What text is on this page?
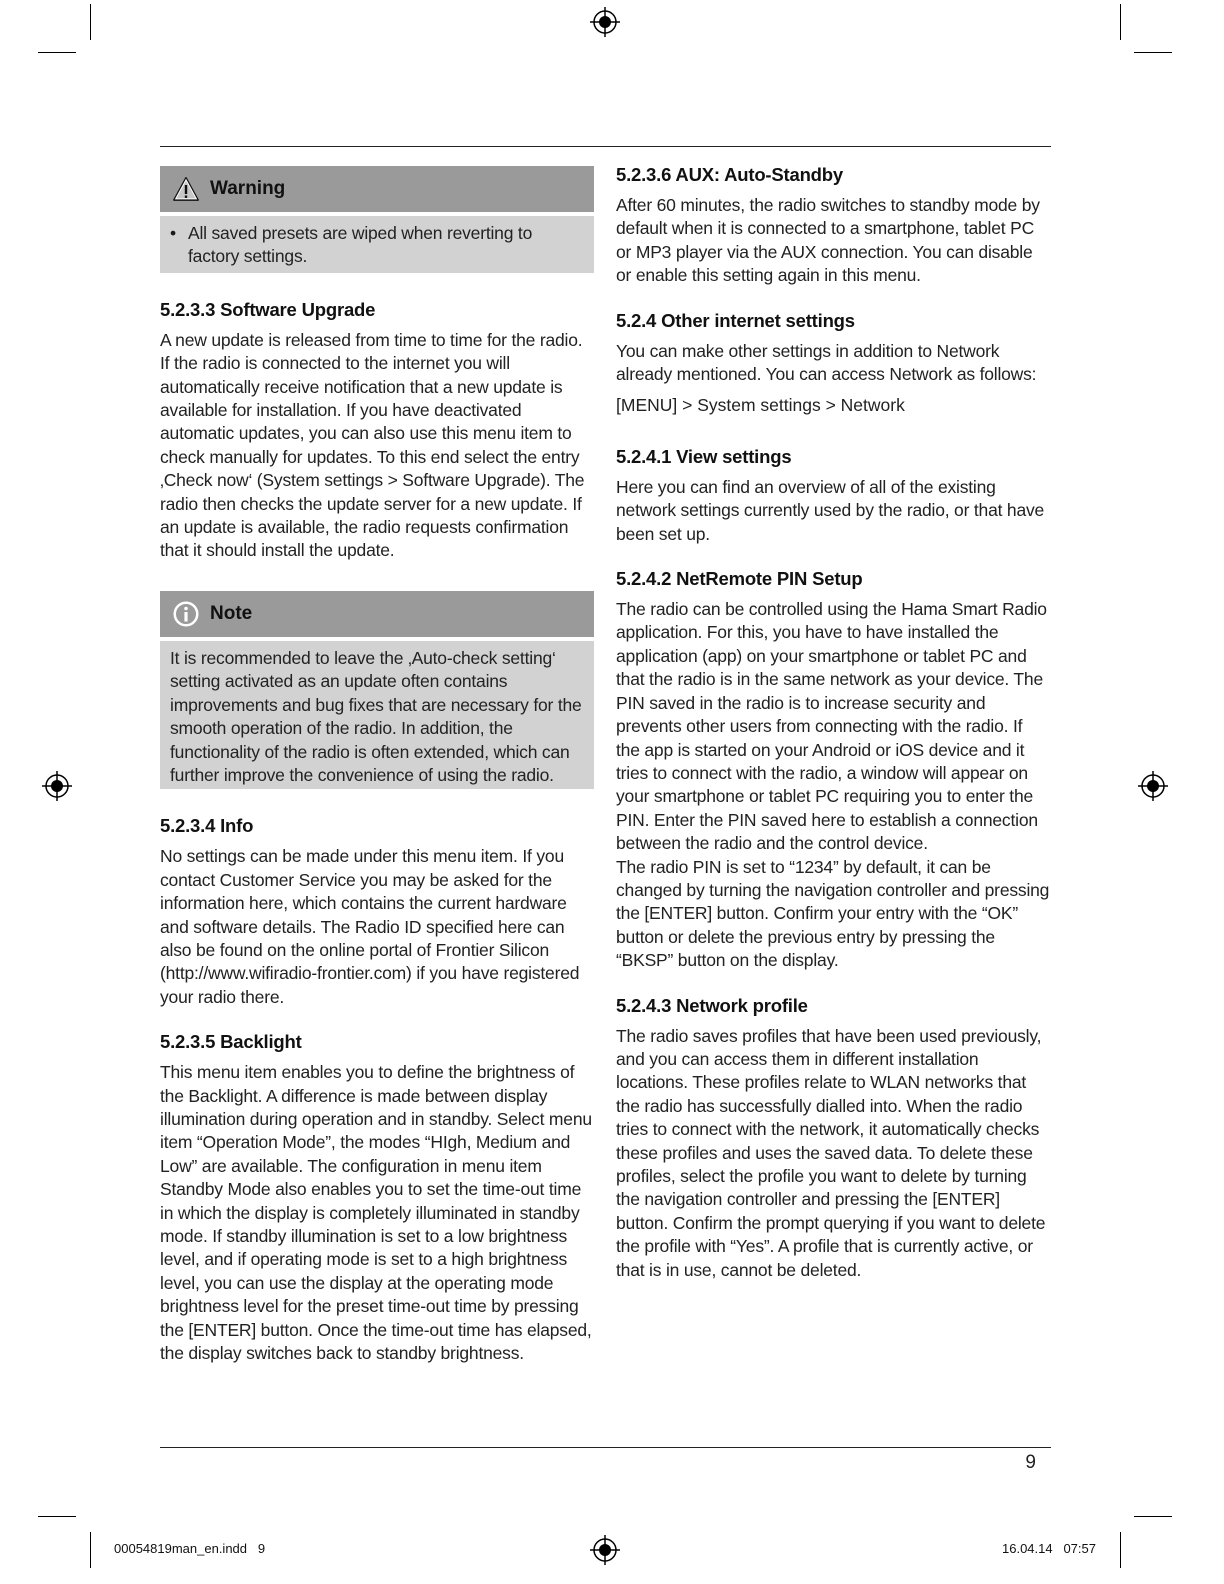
Warning
• All saved presets are wiped when reverting to factory settings.

5.2.3.3 Software Upgrade

A new update is released from time to time for the radio. If the radio is connected to the internet you will automatically receive notification that a new update is available for installation. If you have deactivated automatic updates, you can also use this menu item to check manually for updates. To this end select the entry ‚Check now‘ (System settings > Software Upgrade). The radio then checks the update server for a new update. If an update is available, the radio requests confirmation that it should install the update.

Note

It is recommended to leave the ‚Auto-check setting‘ setting activated as an update often contains improvements and bug fixes that are necessary for the smooth operation of the radio. In addition, the functionality of the radio is often extended, which can further improve the convenience of using the radio.

5.2.3.4 Info

No settings can be made under this menu item. If you contact Customer Service you may be asked for the information here, which contains the current hardware and software details. The Radio ID specified here can also be found on the online portal of Frontier Silicon (http://www.wifiradio-frontier.com) if you have registered your radio there.

5.2.3.5 Backlight

This menu item enables you to define the brightness of the Backlight. A difference is made between display illumination during operation and in standby. Select menu item “Operation Mode”, the modes “HIgh, Medium and Low” are available. The configuration in menu item Standby Mode also enables you to set the time-out time in which the display is completely illuminated in standby mode. If standby illumination is set to a low brightness level, and if operating mode is set to a high brightness level, you can use the display at the operating mode brightness level for the preset time-out time by pressing the [ENTER] button. Once the time-out time has elapsed, the display switches back to standby brightness.

5.2.3.6 AUX: Auto-Standby

After 60 minutes, the radio switches to standby mode by default when it is connected to a smartphone, tablet PC or MP3 player via the AUX connection. You can disable or enable this setting again in this menu.

5.2.4 Other internet settings

You can make other settings in addition to Network already mentioned. You can access Network as follows:

[MENU] > System settings > Network

5.2.4.1 View settings

Here you can find an overview of all of the existing network settings currently used by the radio, or that have been set up.

5.2.4.2 NetRemote PIN Setup

The radio can be controlled using the Hama Smart Radio application. For this, you have to have installed the application (app) on your smartphone or tablet PC and that the radio is in the same network as your device. The PIN saved in the radio is to increase security and prevents other users from connecting with the radio. If the app is started on your Android or iOS device and it tries to connect with the radio, a window will appear on your smartphone or tablet PC requiring you to enter the PIN. Enter the PIN saved here to establish a connection between the radio and the control device.

The radio PIN is set to “1234” by default, it can be changed by turning the navigation controller and pressing the [ENTER] button. Confirm your entry with the “OK” button or delete the previous entry by pressing the “BKSP” button on the display.

5.2.4.3 Network profile

The radio saves profiles that have been used previously, and you can access them in different installation locations. These profiles relate to WLAN networks that the radio has successfully dialled into. When the radio tries to connect with the network, it automatically checks these profiles and uses the saved data. To delete these profiles, select the profile you want to delete by turning the navigation controller and pressing the [ENTER] button. Confirm the prompt querying if you want to delete the profile with “Yes”. A profile that is currently active, or that is in use, cannot be deleted.

9
00054819man_en.indd   9	16.04.14   07:57
